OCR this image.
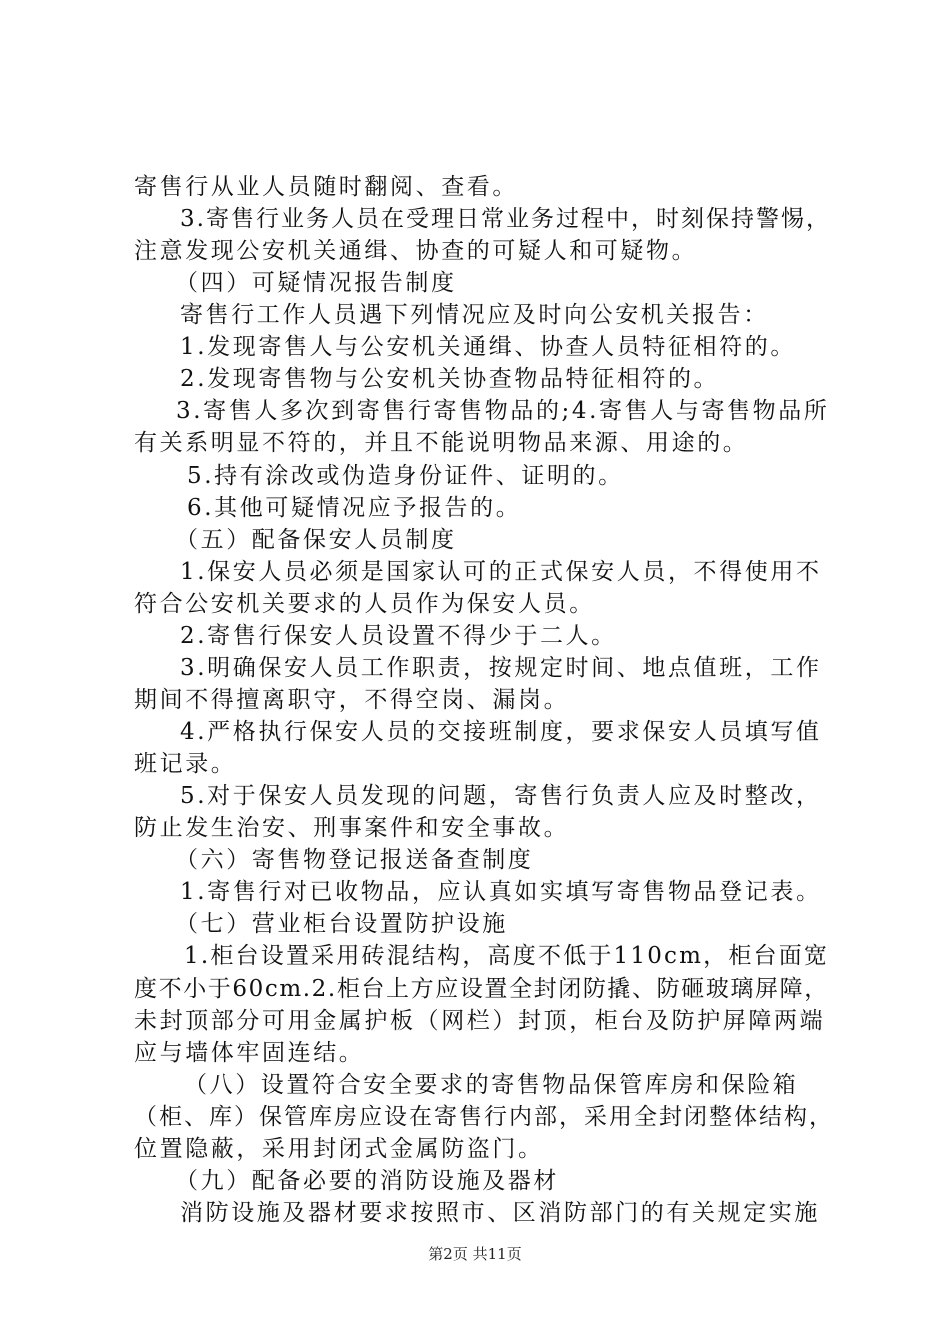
寄售行从业人员随时翻阅、查看。
3.寄售行业务人员在受理日常业务过程中，时刻保持警惕，
注意发现公安机关通缉、协查的可疑人和可疑物。
（四）可疑情况报告制度
寄售行工作人员遇下列情况应及时向公安机关报告：
1.发现寄售人与公安机关通缉、协查人员特征相符的。
2.发现寄售物与公安机关协查物品特征相符的。
3.寄售人多次到寄售行寄售物品的;4.寄售人与寄售物品所
有关系明显不符的，并且不能说明物品来源、用途的。
5.持有涂改或伪造身份证件、证明的。
6.其他可疑情况应予报告的。
（五）配备保安人员制度
1.保安人员必须是国家认可的正式保安人员，不得使用不
符合公安机关要求的人员作为保安人员。
2.寄售行保安人员设置不得少于二人。
3.明确保安人员工作职责，按规定时间、地点值班，工作
期间不得擅离职守，不得空岗、漏岗。
4.严格执行保安人员的交接班制度，要求保安人员填写值
班记录。
5.对于保安人员发现的问题，寄售行负责人应及时整改，
防止发生治安、刑事案件和安全事故。
（六）寄售物登记报送备查制度
1.寄售行对已收物品，应认真如实填写寄售物品登记表。
（七）营业柜台设置防护设施
1.柜台设置采用砖混结构，高度不低于110cm，柜台面宽
度不小于60cm.2.柜台上方应设置全封闭防撬、防砸玻璃屏障，
未封顶部分可用金属护板（网栏）封顶，柜台及防护屏障两端
应与墙体牢固连结。
（八）设置符合安全要求的寄售物品保管库房和保险箱
（柜、库）保管库房应设在寄售行内部，采用全封闭整体结构，
位置隐蔽，采用封闭式金属防盗门。
（九）配备必要的消防设施及器材
消防设施及器材要求按照市、区消防部门的有关规定实施
第2页 共11页
